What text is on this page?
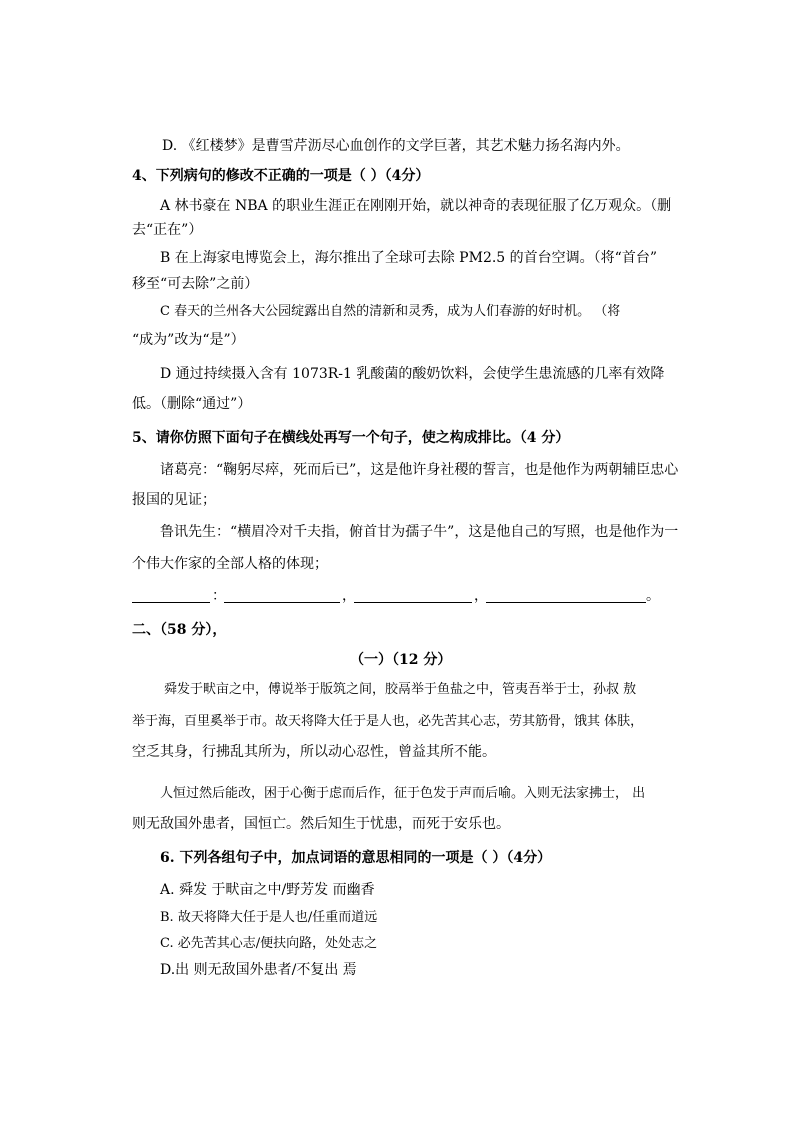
D. 《红楼梦》是曹雪芹沥尽心血创作的文学巨著，其艺术魅力扬名海内外。
4、下列病句的修改不正确的一项是（ ）（4分）
A 林书豪在 NBA 的职业生涯正在刚刚开始，就以神奇的表现征服了亿万观众。（删
去“正在”）
B 在上海家电博览会上，海尔推出了全球可去除 PM2.5 的首台空调。（将“首台”
移至“可去除”之前）
C 春天的兰州各大公园绽露出自然的清新和灵秀，成为人们春游的好时机。 （将
“成为”改为“是”）
D 通过持续摄入含有 1073R-1 乳酸菌的酸奶饮料，会使学生患流感的几率有效降
低。（删除“通过”）
5、请你仿照下面句子在横线处再写一个句子，使之构成排比。（4 分）
诸葛亮：“鞠躬尽瘁，死而后已”，这是他许身社稷的誓言，也是他作为两朝辅臣忠心
报国的见证；
鲁讯先生：“横眉冷对千夫指，俯首甘为孺子牛”，这是他自己的写照，也是他作为一
个伟大作家的全部人格的体现；
：	，	，	。
二、（58 分），
（一）（12 分）
舜发于畎亩之中，傅说举于版筑之间，胶鬲举于鱼盐之中，管夷吾举于士，孙叔 敖
举于海，百里奚举于市。故天将降大任于是人也，必先苦其心志，劳其筋骨，饿其 体肤，
空乏其身，行拂乱其所为，所以动心忍性，曾益其所不能。
人恒过然后能改，困于心衡于虑而后作，征于色发于声而后喻。入则无法家拂士， 出
则无敌国外患者，国恒亡。然后知生于忧患，而死于安乐也。
6. 下列各组句子中，加点词语的意思相同的一项是（ ）（4分）
A. 舜发 于畎亩之中/野芳发 而幽香
B. 故天将降大任于是人也/任重而道远
C. 必先苦其心志/便扶向路，处处志之
D.出 则无敌国外患者/不复出 焉
